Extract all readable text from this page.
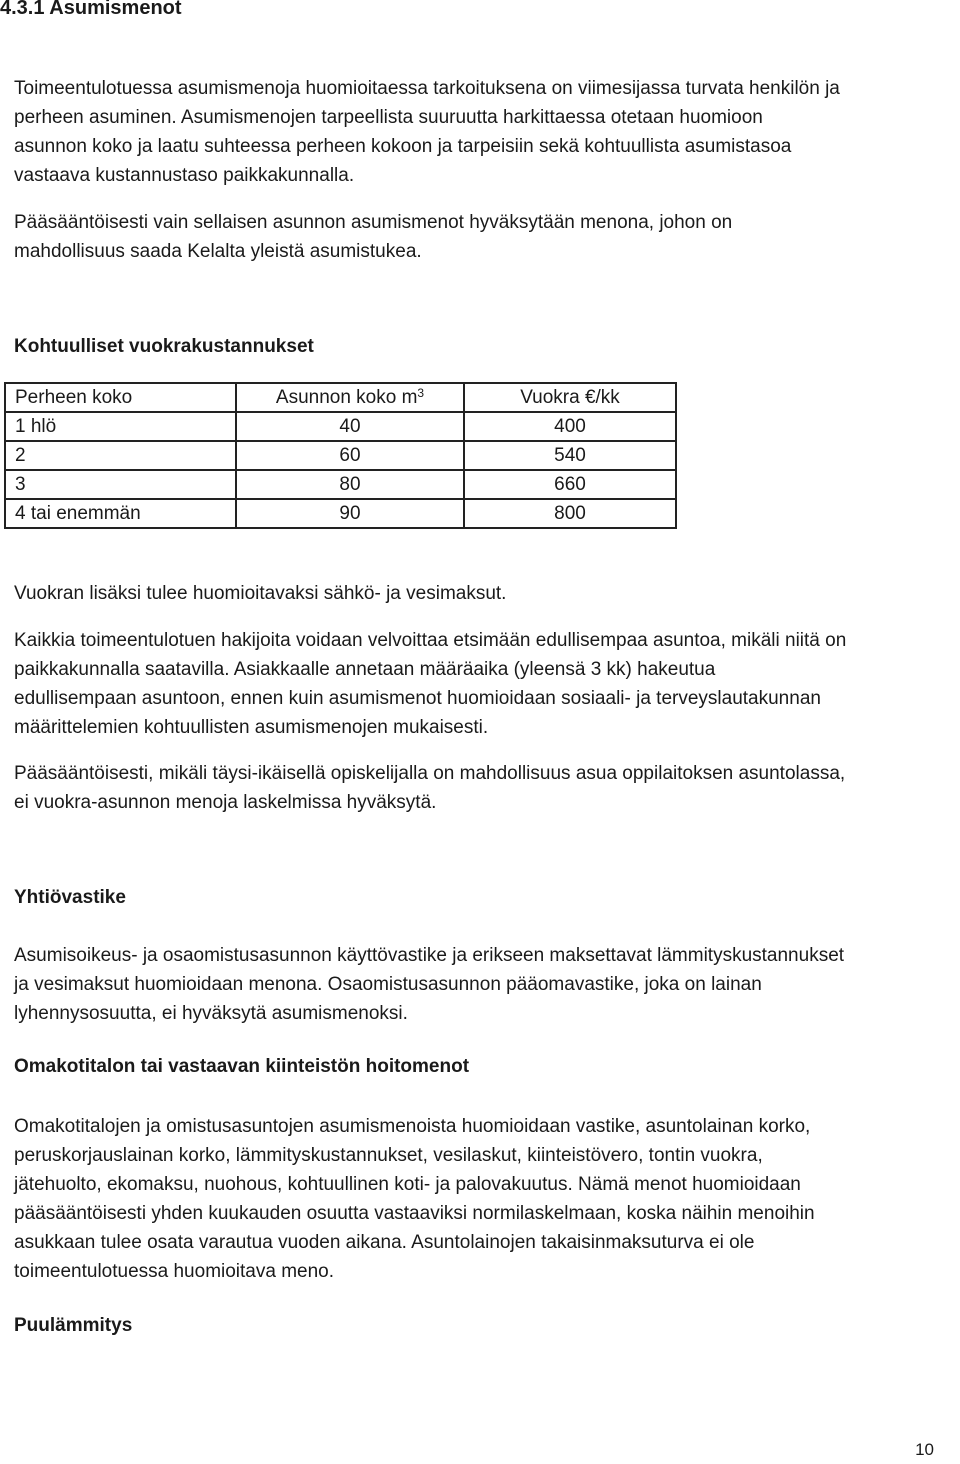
4.3.1 Asumismenot
Toimeentulotuessa asumismenoja huomioitaessa tarkoituksena on viimesijassa turvata henkilön ja
perheen asuminen. Asumismenojen tarpeellista suuruutta harkittaessa otetaan huomioon
asunnon koko ja laatu suhteessa perheen kokoon ja tarpeisiin sekä kohtuullista asumistasoa
vastaava kustannustaso paikkakunnalla.
Pääsääntöisesti vain sellaisen asunnon asumismenot hyväksytään menona, johon on
mahdollisuus saada Kelalta yleistä asumistukea.
Kohtuulliset vuokrakustannukset
Perheen koko	Asunnon koko $m^3$	Vuokra €/kk
1 hlö	40	400
2	60	540
3	80	660
4 tai enemmän	90	800
Vuokran lisäksi tulee huomioitavaksi sähkö- ja vesimaksut.
Kaikkia toimeentulotuen hakijoita voidaan velvoittaa etsimään edullisempaa asuntoa, mikäli niitä on
paikkakunnalla saatavilla. Asiakkaalle annetaan määräaika (yleensä 3 kk) hakeutua
edullisempaan asuntoon, ennen kuin asumismenot huomioidaan sosiaali- ja terveyslautakunnan
määrittelemien kohtuullisten asumismenojen mukaisesti.
Pääsääntöisesti, mikäli täysi-ikäisellä opiskelijalla on mahdollisuus asua oppilaitoksen asuntolassa,
ei vuokra-asunnon menoja laskelmissa hyväksytä.
Yhtiövastike
Asumisoikeus- ja osaomistusasunnon käyttövastike ja erikseen maksettavat lämmityskustannukset
ja vesimaksut huomioidaan menona. Osaomistusasunnon pääomavastike, joka on lainan
lyhennysosuutta, ei hyväksytä asumismenoksi.
Omakotitalon tai vastaavan kiinteistön hoitomenot
Omakotitalojen ja omistusasuntojen asumismenoista huomioidaan vastike, asuntolainan korko,
peruskorjauslainan korko, lämmityskustannukset, vesilaskut, kiinteistövero, tontin vuokra,
jätehuolto, ekomaksu, nuohous, kohtuullinen koti- ja palovakuutus. Nämä menot huomioidaan
pääsääntöisesti yhden kuukauden osuutta vastaaviksi normilaskelmaan, koska näihin menoihin
asukkaan tulee osata varautua vuoden aikana. Asuntolainojen takaisinmaksuturva ei ole
toimeentulotuessa huomioitava meno.
Puulämmitys
10
